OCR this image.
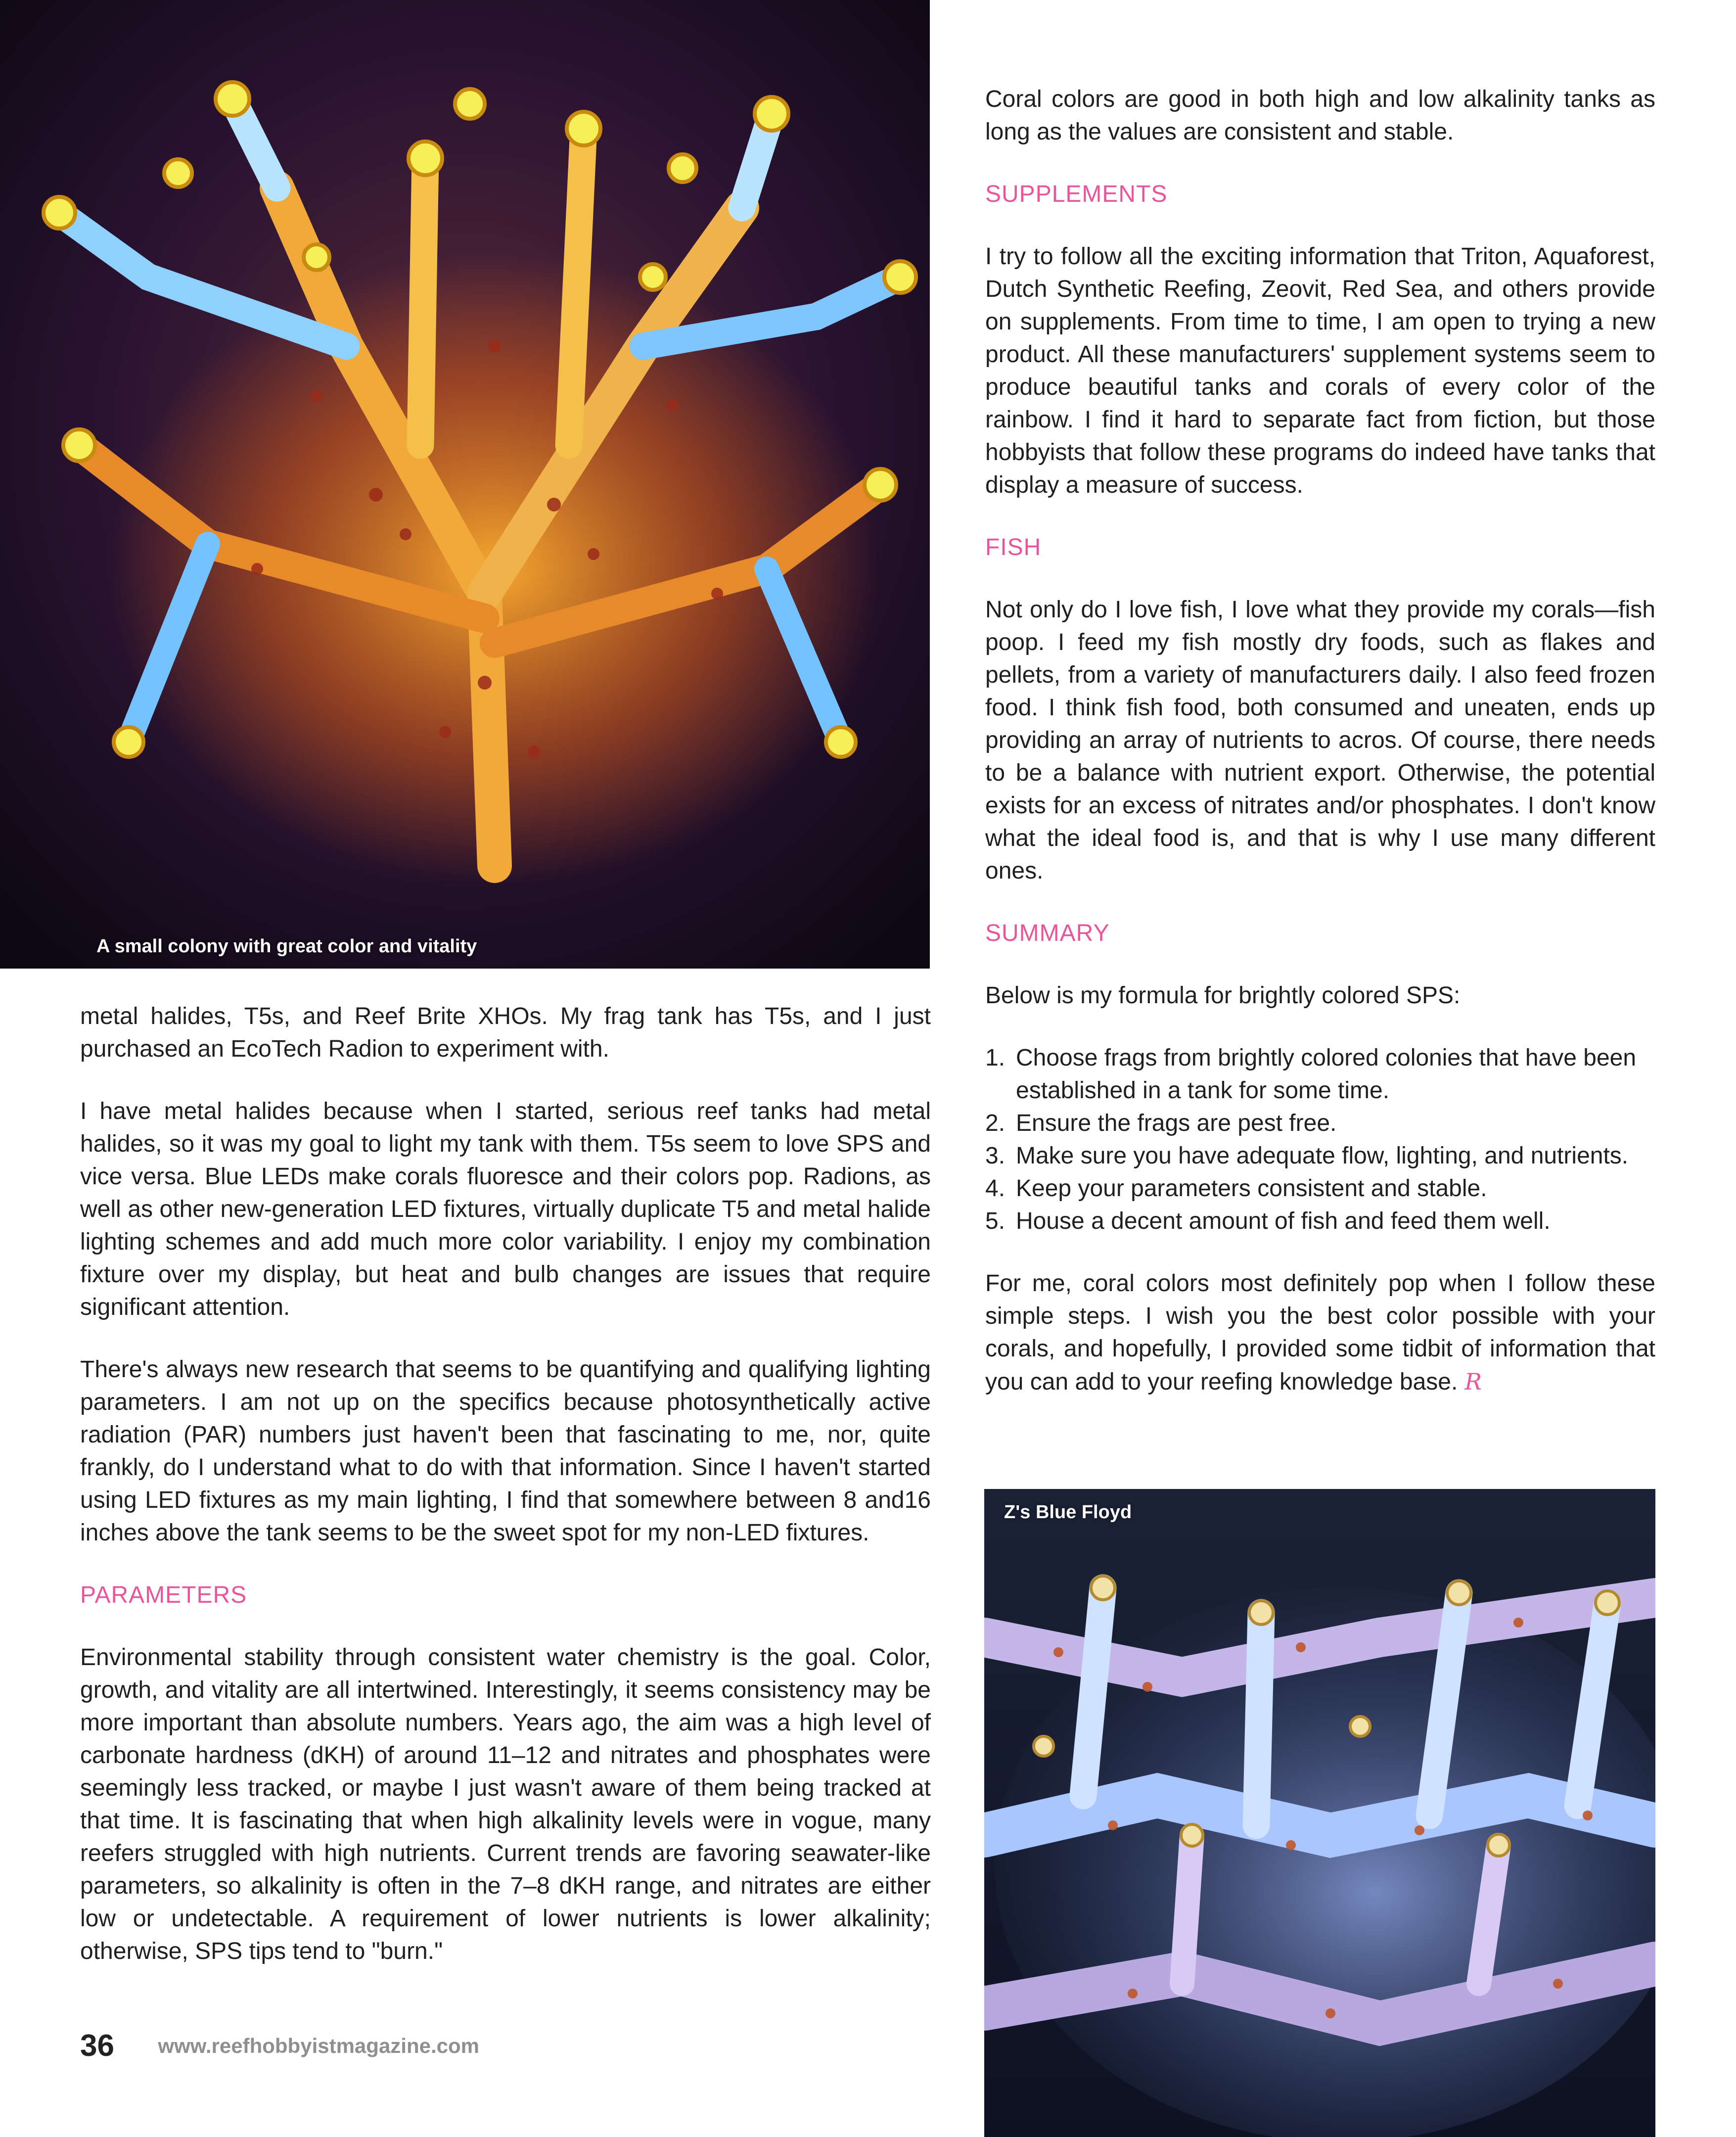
A small colony with great color and vitality

metal halides, T5s, and Reef Brite XHOs. My frag tank has T5s, and I just purchased an EcoTech Radion to experiment with.

I have metal halides because when I started, serious reef tanks had metal halides, so it was my goal to light my tank with them. T5s seem to love SPS and vice versa. Blue LEDs make corals fluoresce and their colors pop. Radions, as well as other new-generation LED fixtures, virtually duplicate T5 and metal halide lighting schemes and add much more color variability. I enjoy my combination fixture over my display, but heat and bulb changes are issues that require significant attention.

There's always new research that seems to be quantifying and qualifying lighting parameters. I am not up on the specifics because photosynthetically active radiation (PAR) numbers just haven't been that fascinating to me, nor, quite frankly, do I understand what to do with that information. Since I haven't started using LED fixtures as my main lighting, I find that somewhere between 8 and16 inches above the tank seems to be the sweet spot for my non-LED fixtures.

PARAMETERS

Environmental stability through consistent water chemistry is the goal. Color, growth, and vitality are all intertwined. Interestingly, it seems consistency may be more important than absolute numbers. Years ago, the aim was a high level of carbonate hardness (dKH) of around 11–12 and nitrates and phosphates were seemingly less tracked, or maybe I just wasn't aware of them being tracked at that time. It is fascinating that when high alkalinity levels were in vogue, many reefers struggled with high nutrients. Current trends are favoring seawater-like parameters, so alkalinity is often in the 7–8 dKH range, and nitrates are either low or undetectable. A requirement of lower nutrients is lower alkalinity; otherwise, SPS tips tend to "burn."

Coral colors are good in both high and low alkalinity tanks as long as the values are consistent and stable.

SUPPLEMENTS

I try to follow all the exciting information that Triton, Aquaforest, Dutch Synthetic Reefing, Zeovit, Red Sea, and others provide on supplements. From time to time, I am open to trying a new product. All these manufacturers' supplement systems seem to produce beautiful tanks and corals of every color of the rainbow. I find it hard to separate fact from fiction, but those hobbyists that follow these programs do indeed have tanks that display a measure of success.

FISH

Not only do I love fish, I love what they provide my corals—fish poop. I feed my fish mostly dry foods, such as flakes and pellets, from a variety of manufacturers daily. I also feed frozen food. I think fish food, both consumed and uneaten, ends up providing an array of nutrients to acros. Of course, there needs to be a balance with nutrient export. Otherwise, the potential exists for an excess of nitrates and/or phosphates. I don't know what the ideal food is, and that is why I use many different ones.

SUMMARY

Below is my formula for brightly colored SPS:

1. Choose frags from brightly colored colonies that have been established in a tank for some time.
2. Ensure the frags are pest free.
3. Make sure you have adequate flow, lighting, and nutrients.
4. Keep your parameters consistent and stable.
5. House a decent amount of fish and feed them well.

For me, coral colors most definitely pop when I follow these simple steps. I wish you the best color possible with your corals, and hopefully, I provided some tidbit of information that you can add to your reefing knowledge base. R

Z's Blue Floyd
36 www.reefhobbyistmagazine.com
